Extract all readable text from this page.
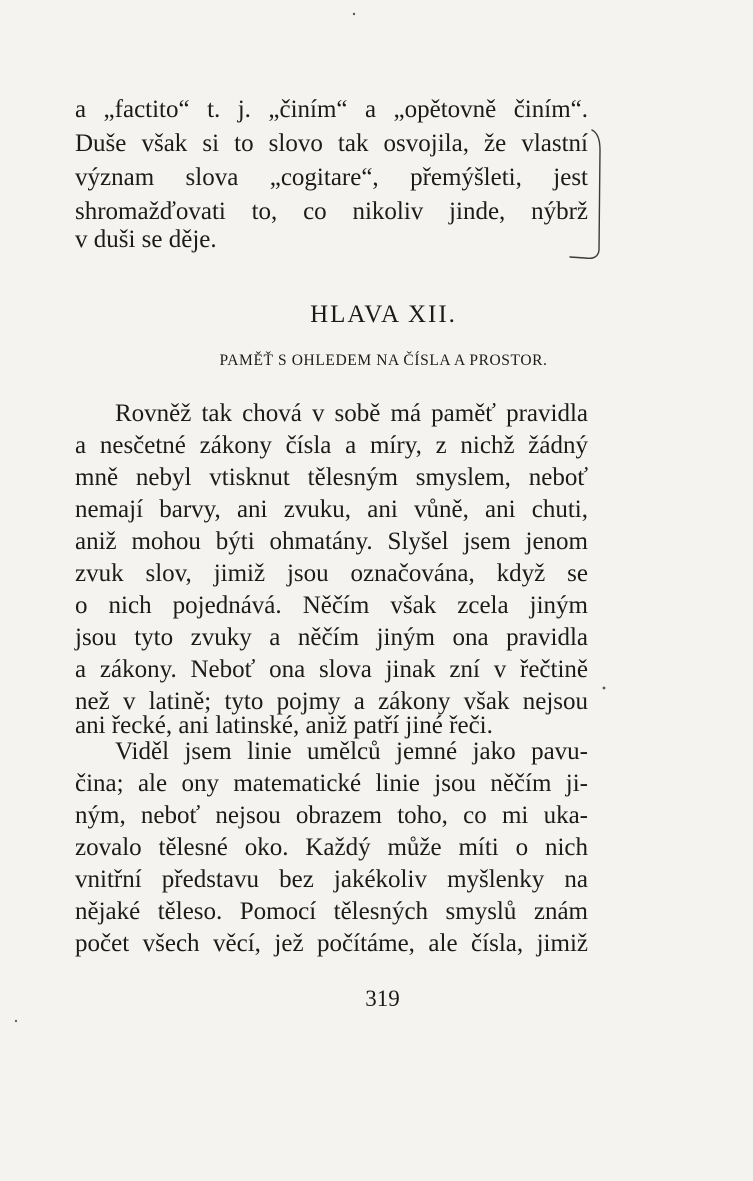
a „factito“ t. j. „činím“ a „opětovně činím“.
Duše však si to slovo tak osvojila, že vlastní
význam slova „cogitare“, přemýšleti, jest
shromažďovati to, co nikoliv jinde, nýbrž
v duši se děje.
HLAVA XII.
PAMĚŤ S OHLEDEM NA ČÍSLA A PROSTOR.
Rovněž tak chová v sobě má paměť pravidla
a nesčetné zákony čísla a míry, z nichž žádný
mně nebyl vtisknut tělesným smyslem, neboť
nemají barvy, ani zvuku, ani vůně, ani chuti,
aniž mohou býti ohmatány. Slyšel jsem jenom
zvuk slov, jimiž jsou označována, když se
o nich pojednává. Něčím však zcela jiným
jsou tyto zvuky a něčím jiným ona pravidla
a zákony. Neboť ona slova jinak zní v řečtině
než v latině; tyto pojmy a zákony však nejsou
ani řecké, ani latinské, aniž patří jiné řeči.
Viděl jsem linie umělců jemné jako pavu-
čina; ale ony matematické linie jsou něčím ji-
ným, neboť nejsou obrazem toho, co mi uka-
zovalo tělesné oko. Každý může míti o nich
vnitřní představu bez jakékoliv myšlenky na
nějaké těleso. Pomocí tělesných smyslů znám
počet všech věcí, jež počítáme, ale čísla, jimiž
319
